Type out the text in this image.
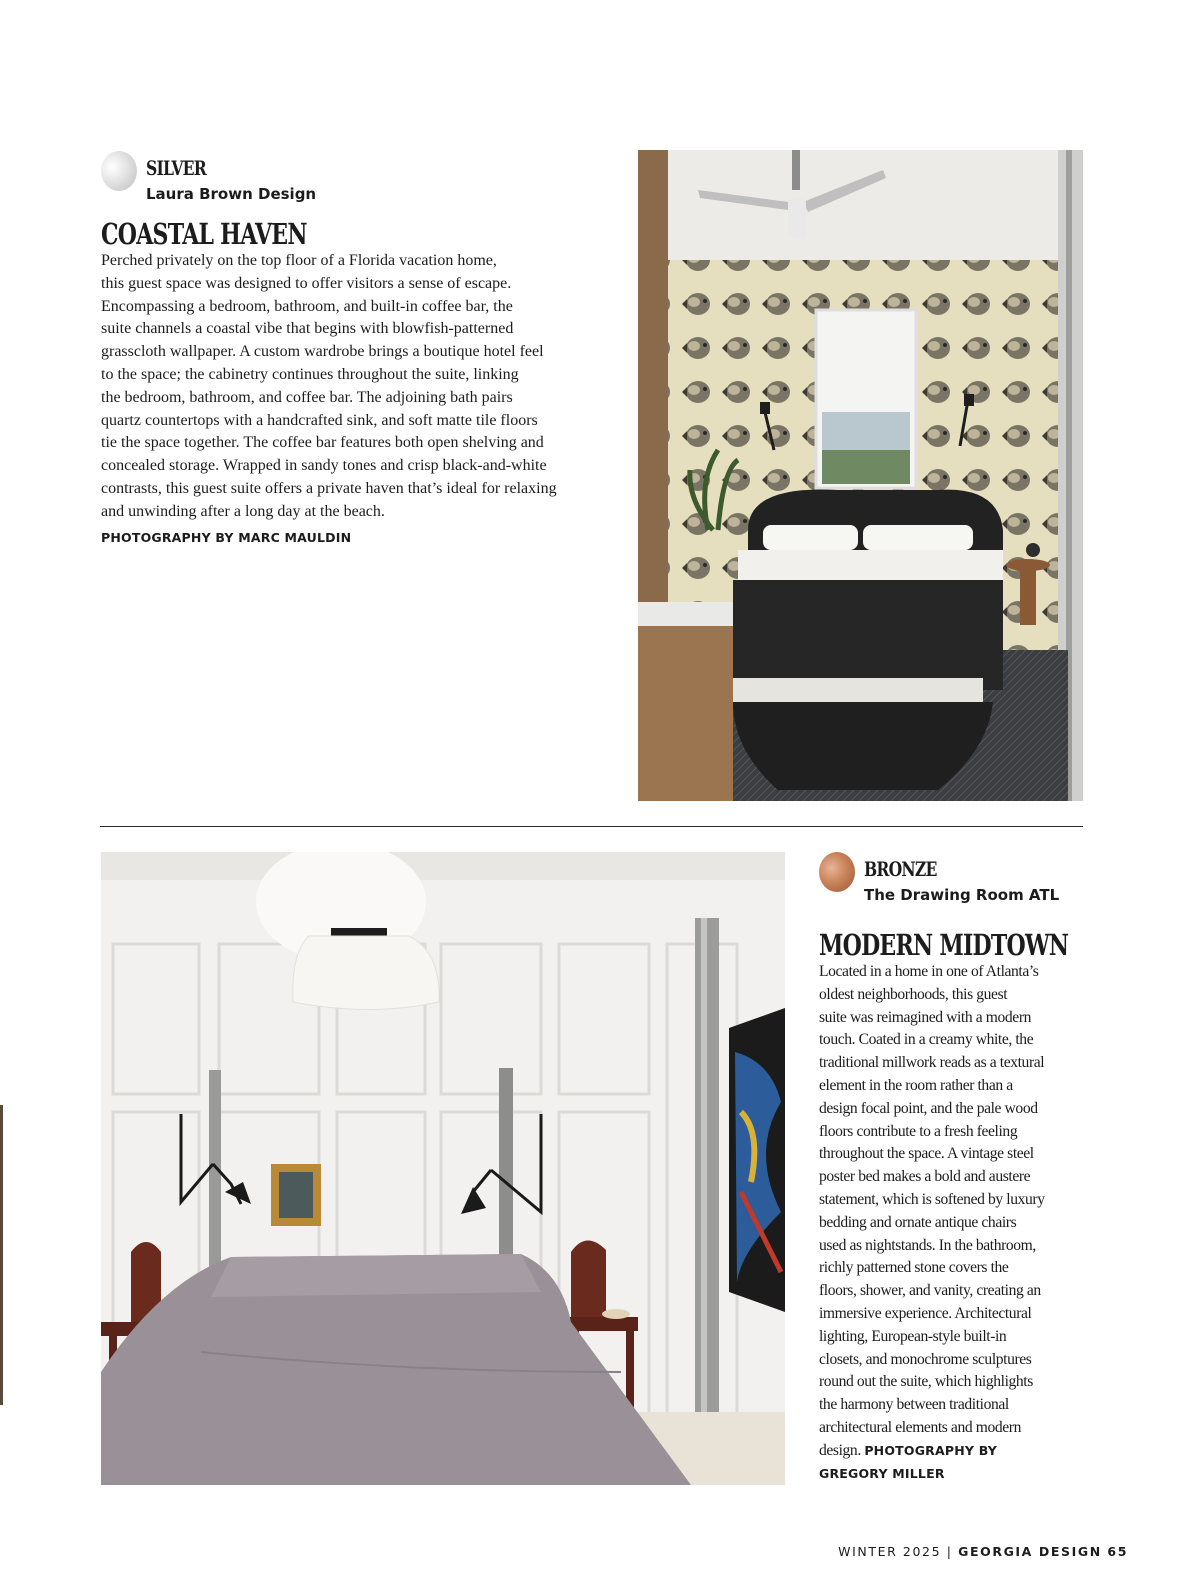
SILVER
Laura Brown Design
COASTAL HAVEN
Perched privately on the top floor of a Florida vacation home,
this guest space was designed to offer visitors a sense of escape.
Encompassing a bedroom, bathroom, and built-in coffee bar, the
suite channels a coastal vibe that begins with blowfish-patterned
grasscloth wallpaper. A custom wardrobe brings a boutique hotel feel
to the space; the cabinetry continues throughout the suite, linking
the bedroom, bathroom, and coffee bar. The adjoining bath pairs
quartz countertops with a handcrafted sink, and soft matte tile floors
tie the space together. The coffee bar features both open shelving and
concealed storage. Wrapped in sandy tones and crisp black-and-white
contrasts, this guest suite offers a private haven that’s ideal for relaxing
and unwinding after a long day at the beach.
PHOTOGRAPHY BY MARC MAULDIN
BRONZE
The Drawing Room ATL
MODERN MIDTOWN
Located in a home in one of Atlanta’s
oldest neighborhoods, this guest
suite was reimagined with a modern
touch. Coated in a creamy white, the
traditional millwork reads as a textural
element in the room rather than a
design focal point, and the pale wood
floors contribute to a fresh feeling
throughout the space. A vintage steel
poster bed makes a bold and austere
statement, which is softened by luxury
bedding and ornate antique chairs
used as nightstands. In the bathroom,
richly patterned stone covers the
floors, shower, and vanity, creating an
immersive experience. Architectural
lighting, European-style built-in
closets, and monochrome sculptures
round out the suite, which highlights
the harmony between traditional
architectural elements and modern
design. PHOTOGRAPHY BY
GREGORY MILLER
WINTER 2025 | GEORGIA DESIGN 65
